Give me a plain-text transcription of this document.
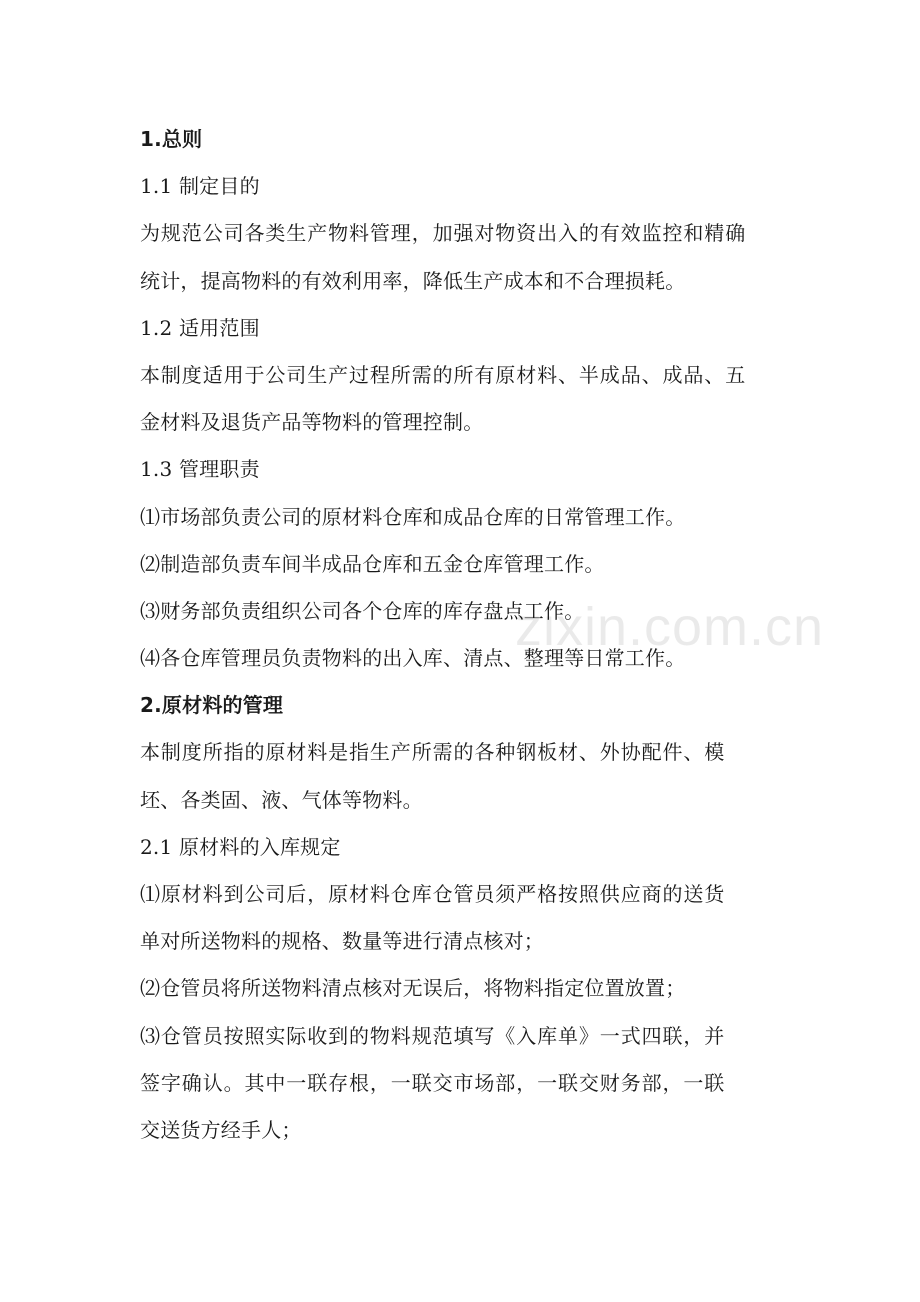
1.总则
1.1 制定目的
为规范公司各类生产物料管理，加强对物资出入的有效监控和精确
统计，提高物料的有效利用率，降低生产成本和不合理损耗。
1.2 适用范围
本制度适用于公司生产过程所需的所有原材料、半成品、成品、五
金材料及退货产品等物料的管理控制。
1.3 管理职责
⑴市场部负责公司的原材料仓库和成品仓库的日常管理工作。
⑵制造部负责车间半成品仓库和五金仓库管理工作。
⑶财务部负责组织公司各个仓库的库存盘点工作。
⑷各仓库管理员负责物料的出入库、清点、整理等日常工作。
2.原材料的管理
本制度所指的原材料是指生产所需的各种钢板材、外协配件、模
坯、各类固、液、气体等物料。
2.1 原材料的入库规定
⑴原材料到公司后，原材料仓库仓管员须严格按照供应商的送货
单对所送物料的规格、数量等进行清点核对；
⑵仓管员将所送物料清点核对无误后，将物料指定位置放置；
⑶仓管员按照实际收到的物料规范填写《入库单》一式四联，并
签字确认。其中一联存根，一联交市场部，一联交财务部，一联
交送货方经手人；
zixin.com.cn
